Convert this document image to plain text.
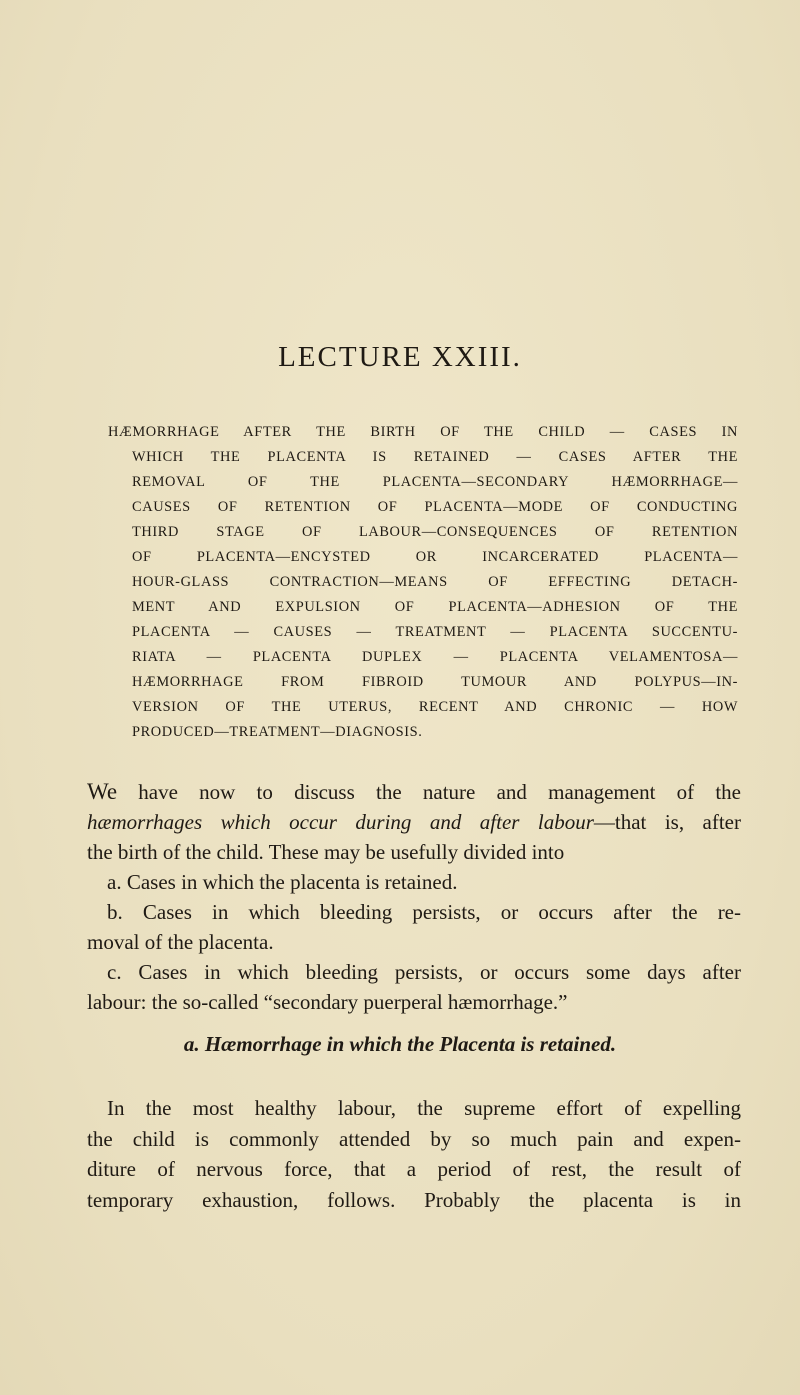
LECTURE XXIII.
HÆMORRHAGE AFTER THE BIRTH OF THE CHILD — CASES IN
WHICH THE PLACENTA IS RETAINED — CASES AFTER THE
REMOVAL OF THE PLACENTA—SECONDARY HÆMORRHAGE—
CAUSES OF RETENTION OF PLACENTA—MODE OF CONDUCTING
THIRD STAGE OF LABOUR—CONSEQUENCES OF RETENTION
OF PLACENTA—ENCYSTED OR INCARCERATED PLACENTA—
HOUR-GLASS CONTRACTION—MEANS OF EFFECTING DETACH-
MENT AND EXPULSION OF PLACENTA—ADHESION OF THE
PLACENTA — CAUSES — TREATMENT — PLACENTA SUCCENTU-
RIATA — PLACENTA DUPLEX — PLACENTA VELAMENTOSA—
HÆMORRHAGE FROM FIBROID TUMOUR AND POLYPUS—IN-
VERSION OF THE UTERUS, RECENT AND CHRONIC — HOW
PRODUCED—TREATMENT—DIAGNOSIS.
We have now to discuss the nature and management of the
hæmorrhages which occur during and after labour—that is, after
the birth of the child. These may be usefully divided into
a. Cases in which the placenta is retained.
b. Cases in which bleeding persists, or occurs after the re-
moval of the placenta.
c. Cases in which bleeding persists, or occurs some days after
labour: the so-called “secondary puerperal hæmorrhage.”
a. Hæmorrhage in which the Placenta is retained.
In the most healthy labour, the supreme effort of expelling
the child is commonly attended by so much pain and expen-
diture of nervous force, that a period of rest, the result of
temporary exhaustion, follows. Probably the placenta is in
